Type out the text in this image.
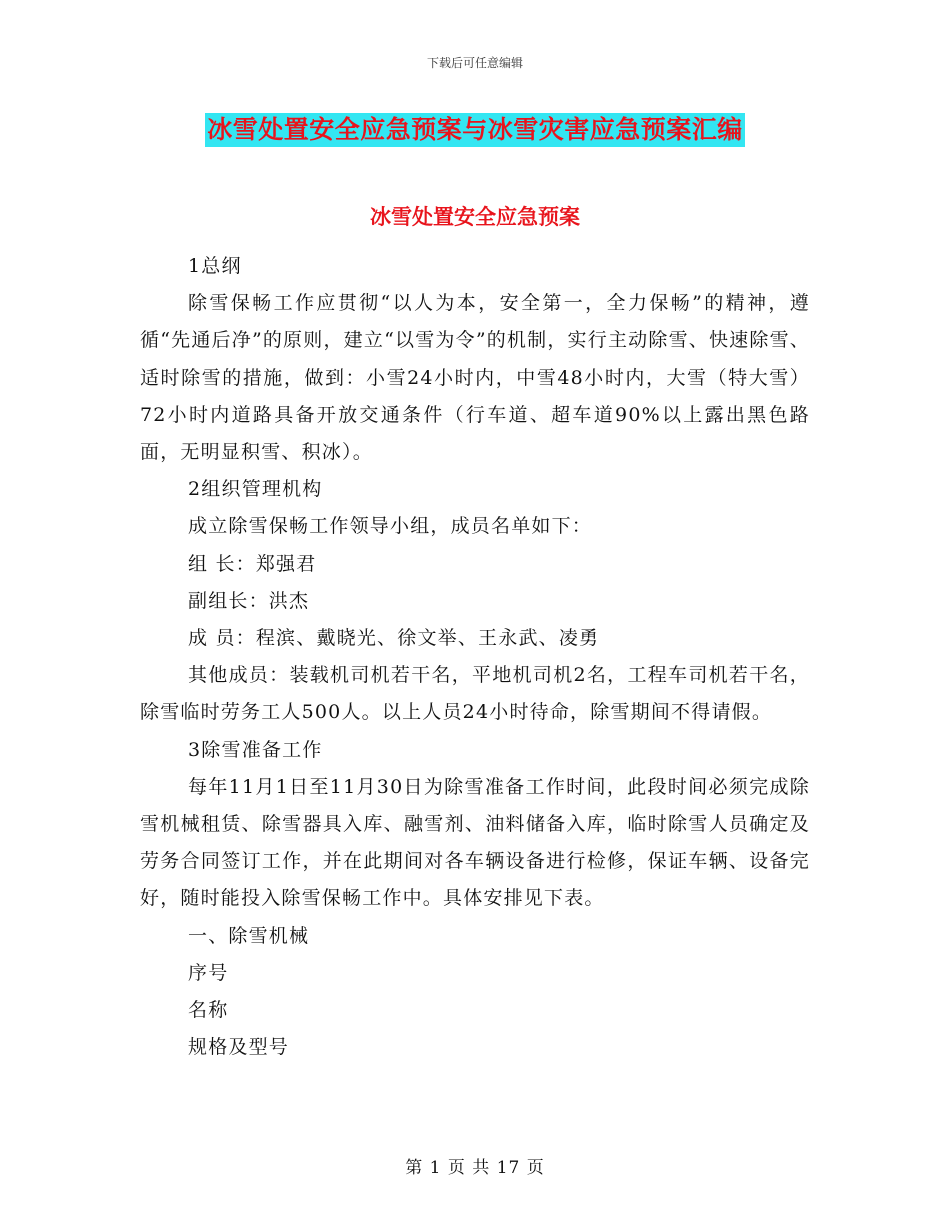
下载后可任意编辑
冰雪处置安全应急预案与冰雪灾害应急预案汇编
冰雪处置安全应急预案

1总纲

除雪保畅工作应贯彻“以人为本，安全第一，全力保畅”的精神，遵循“先通后净”的原则，建立“以雪为令”的机制，实行主动除雪、快速除雪、适时除雪的措施，做到：小雪24小时内，中雪48小时内，大雪（特大雪）72小时内道路具备开放交通条件（行车道、超车道90%以上露出黑色路面，无明显积雪、积冰）。

2组织管理机构

成立除雪保畅工作领导小组，成员名单如下：

组 长：郑强君

副组长：洪杰

成 员：程滨、戴晓光、徐文举、王永武、凌勇

其他成员：装载机司机若干名，平地机司机2名，工程车司机若干名，除雪临时劳务工人500人。以上人员24小时待命，除雪期间不得请假。

3除雪准备工作

每年11月1日至11月30日为除雪准备工作时间，此段时间必须完成除雪机械租赁、除雪器具入库、融雪剂、油料储备入库，临时除雪人员确定及劳务合同签订工作，并在此期间对各车辆设备进行检修，保证车辆、设备完好，随时能投入除雪保畅工作中。具体安排见下表。

一、除雪机械

序号

名称

规格及型号

第 1 页 共 17 页
